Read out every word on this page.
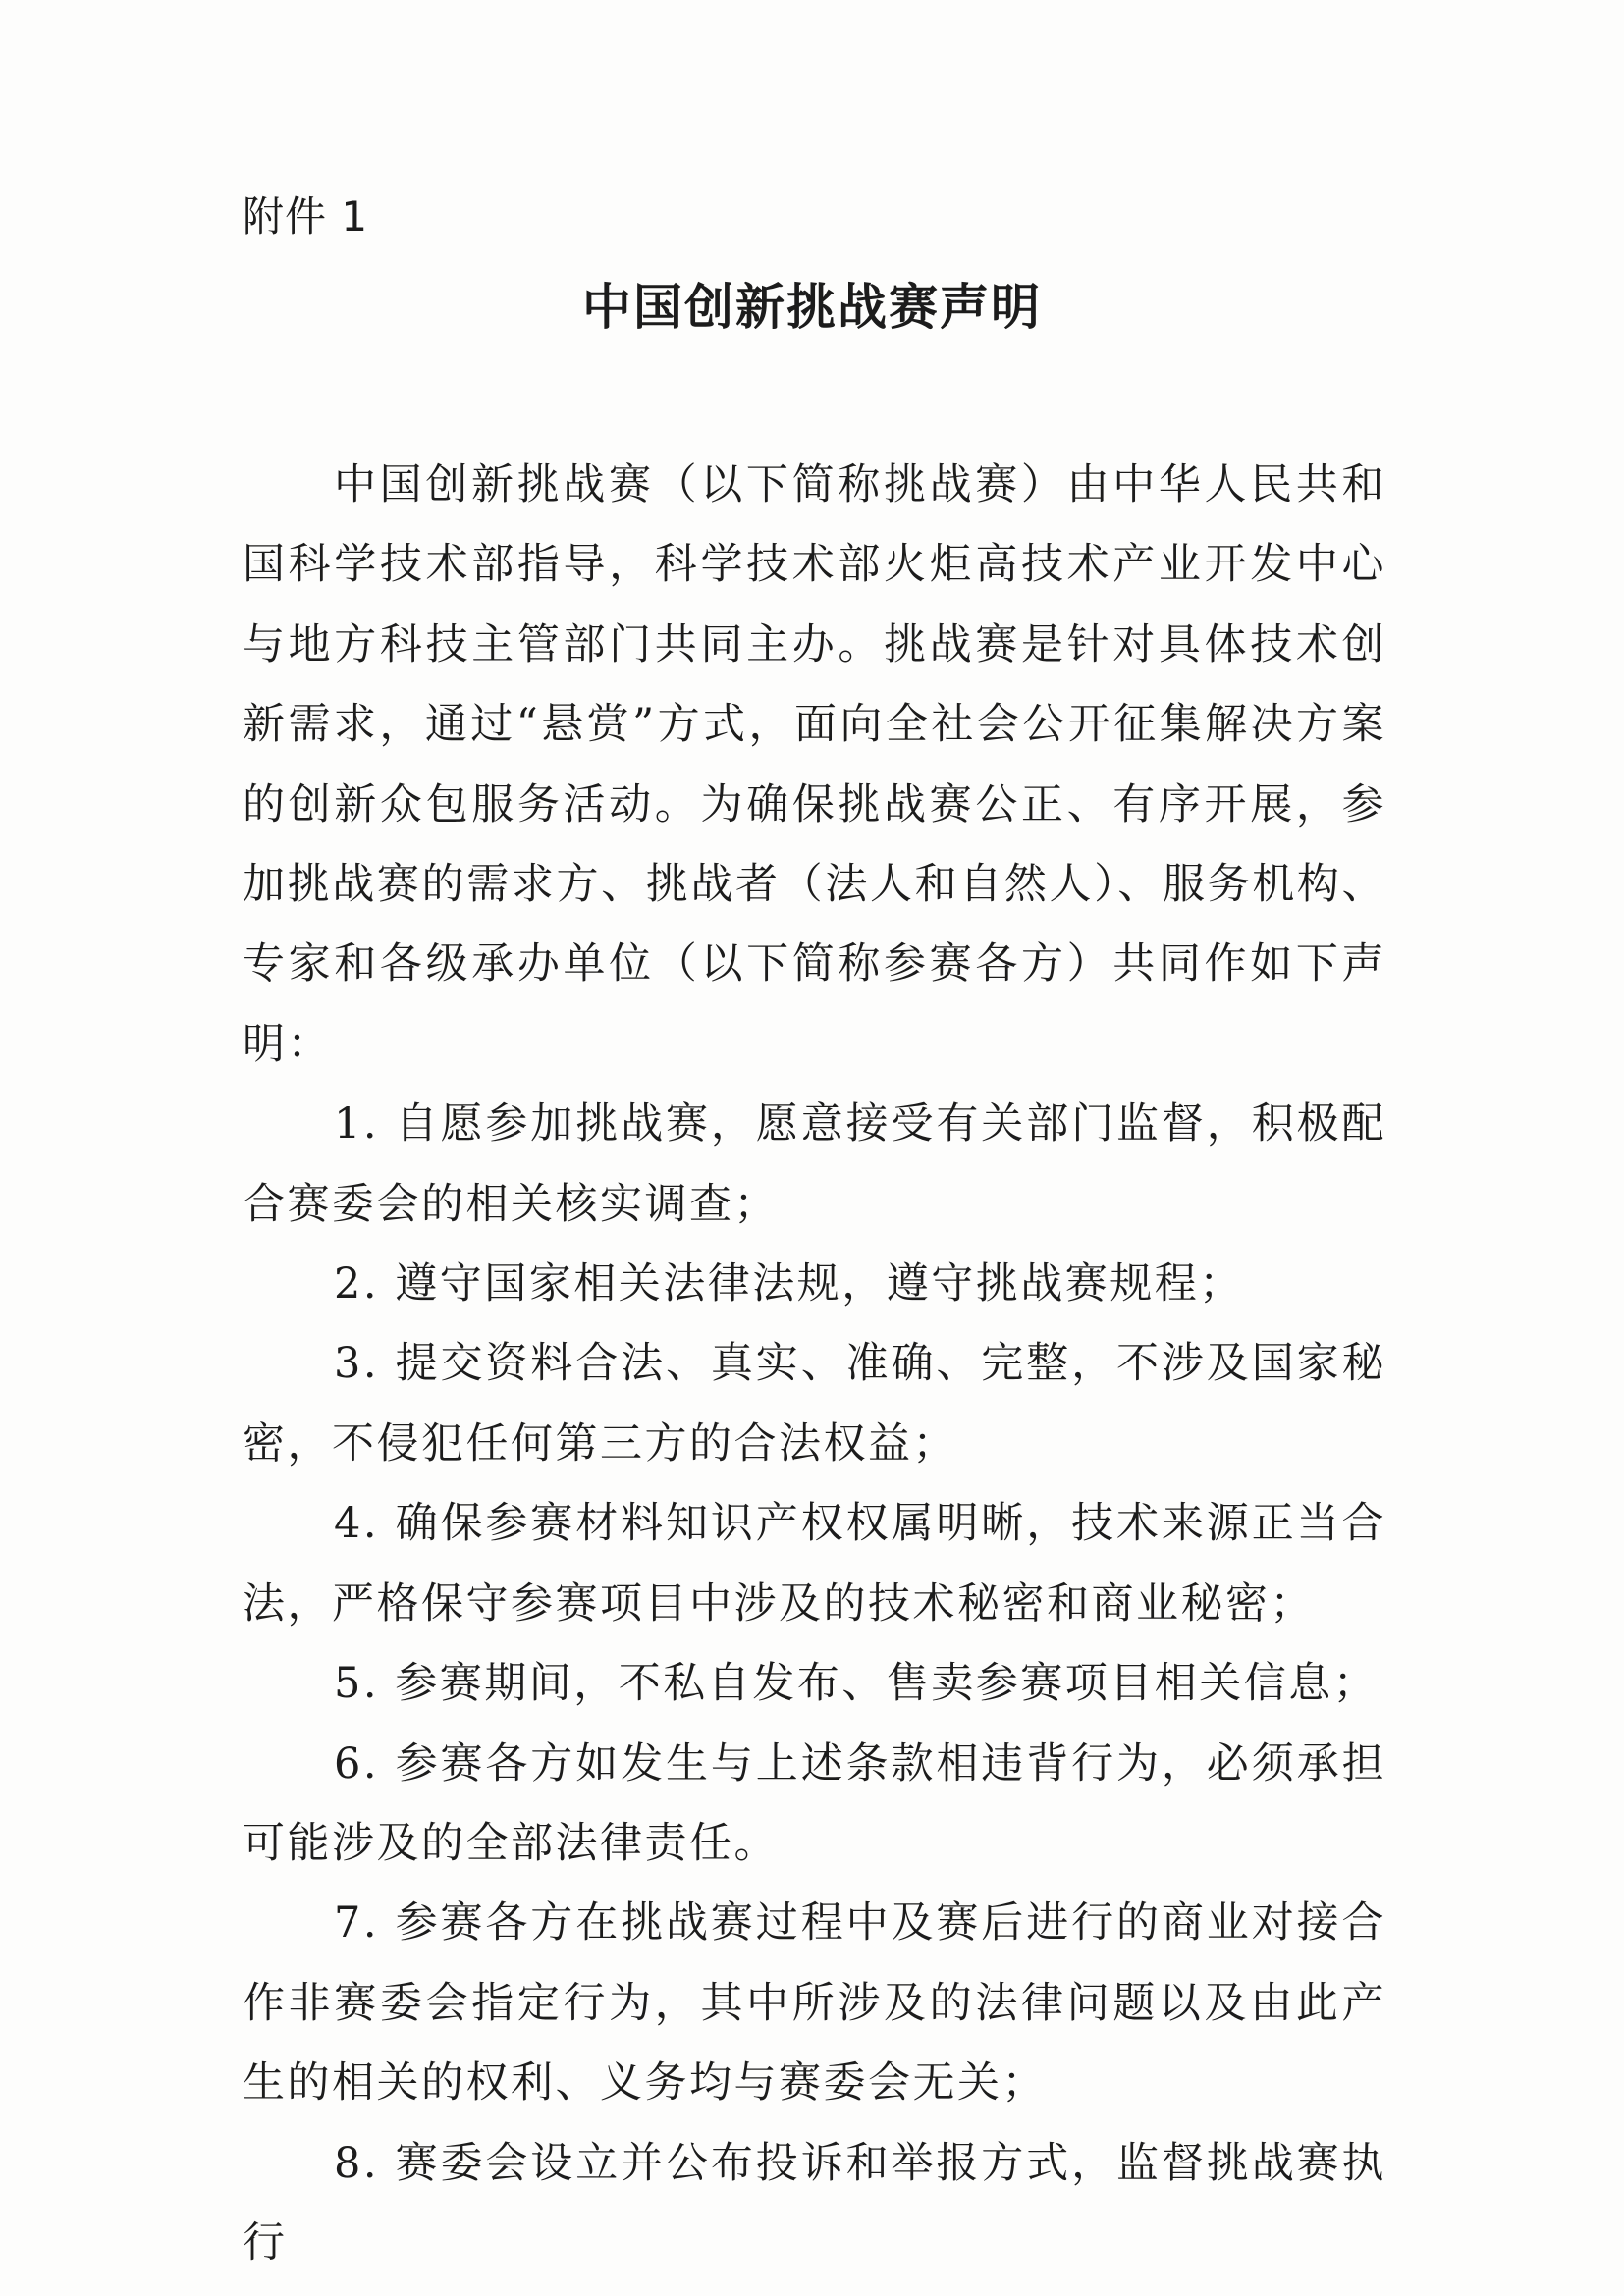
附件 1
中国创新挑战赛声明

中国创新挑战赛（以下简称挑战赛）由中华人民共和国科学技术部指导，科学技术部火炬高技术产业开发中心与地方科技主管部门共同主办。挑战赛是针对具体技术创新需求，通过“悬赏”方式，面向全社会公开征集解决方案的创新众包服务活动。为确保挑战赛公正、有序开展，参加挑战赛的需求方、挑战者（法人和自然人）、服务机构、专家和各级承办单位（以下简称参赛各方）共同作如下声明：

1. 自愿参加挑战赛，愿意接受有关部门监督，积极配合赛委会的相关核实调查；

2. 遵守国家相关法律法规，遵守挑战赛规程；

3. 提交资料合法、真实、准确、完整，不涉及国家秘密，不侵犯任何第三方的合法权益；

4. 确保参赛材料知识产权权属明晰，技术来源正当合法，严格保守参赛项目中涉及的技术秘密和商业秘密；

5. 参赛期间，不私自发布、售卖参赛项目相关信息；

6. 参赛各方如发生与上述条款相违背行为，必须承担可能涉及的全部法律责任。

7. 参赛各方在挑战赛过程中及赛后进行的商业对接合作非赛委会指定行为，其中所涉及的法律问题以及由此产生的相关的权利、义务均与赛委会无关；

8. 赛委会设立并公布投诉和举报方式，监督挑战赛执行
